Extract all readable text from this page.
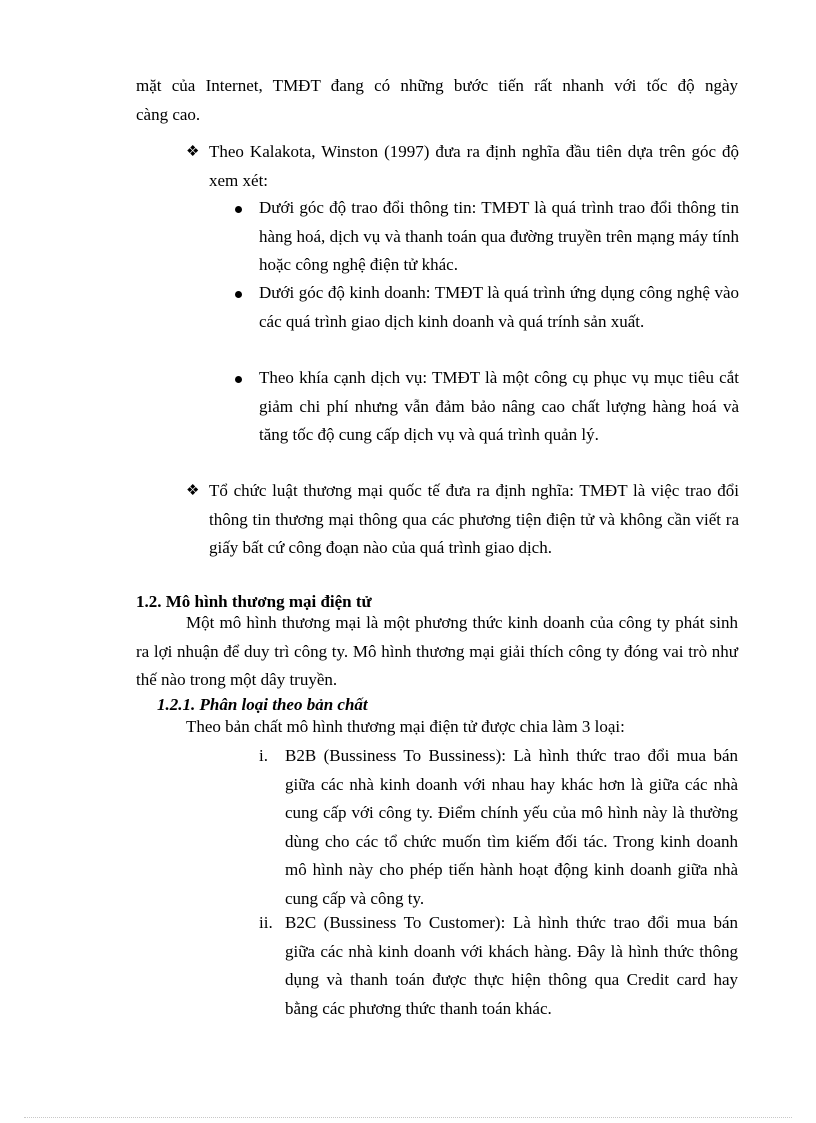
mặt của Internet, TMĐT đang có những bước tiến rất nhanh với tốc độ ngày

càng cao.

❖ Theo Kalakota, Winston (1997) đưa ra định nghĩa đầu tiên dựa trên góc độ xem xét:

Dưới góc độ trao đổi thông tin: TMĐT là quá trình trao đổi thông tin hàng hoá, dịch vụ và thanh toán qua đường truyền trên mạng máy tính hoặc công nghệ điện tử khác.

Dưới góc độ kinh doanh: TMĐT là quá trình ứng dụng công nghệ vào các quá trình giao dịch kinh doanh và quá trính sản xuất.

Theo khía cạnh dịch vụ: TMĐT là một công cụ phục vụ mục tiêu cắt giảm chi phí nhưng vẫn đảm bảo nâng cao chất lượng hàng hoá và tăng tốc độ cung cấp dịch vụ và quá trình quản lý.

❖ Tổ chức luật thương mại quốc tế đưa ra định nghĩa: TMĐT là việc trao đổi thông tin thương mại thông qua các phương tiện điện tử và không cần viết ra giấy bất cứ công đoạn nào của quá trình giao dịch.

1.2. Mô hình thương mại điện tử

Một mô hình thương mại là một phương thức kinh doanh của công ty phát sinh ra lợi nhuận để duy trì công ty. Mô hình thương mại giải thích công ty đóng vai trò như thế nào trong một dây truyền.

1.2.1. Phân loại theo bản chất

Theo bản chất mô hình thương mại điện tử được chia làm 3 loại:

i.	B2B (Bussiness To Bussiness): Là hình thức trao đổi mua bán giữa các nhà kinh doanh với nhau hay khác hơn là giữa các nhà cung cấp với công ty. Điểm chính yếu của mô hình này là thường dùng cho các tổ chức muốn tìm kiếm đối tác. Trong kinh doanh mô hình này cho phép tiến hành hoạt động kinh doanh giữa nhà cung cấp và công ty.

ii. B2C (Bussiness To Customer): Là hình thức trao đổi mua bán giữa các nhà kinh doanh với khách hàng. Đây là hình thức thông dụng và thanh toán được thực hiện thông qua Credit card hay bằng các phương thức thanh toán khác.
